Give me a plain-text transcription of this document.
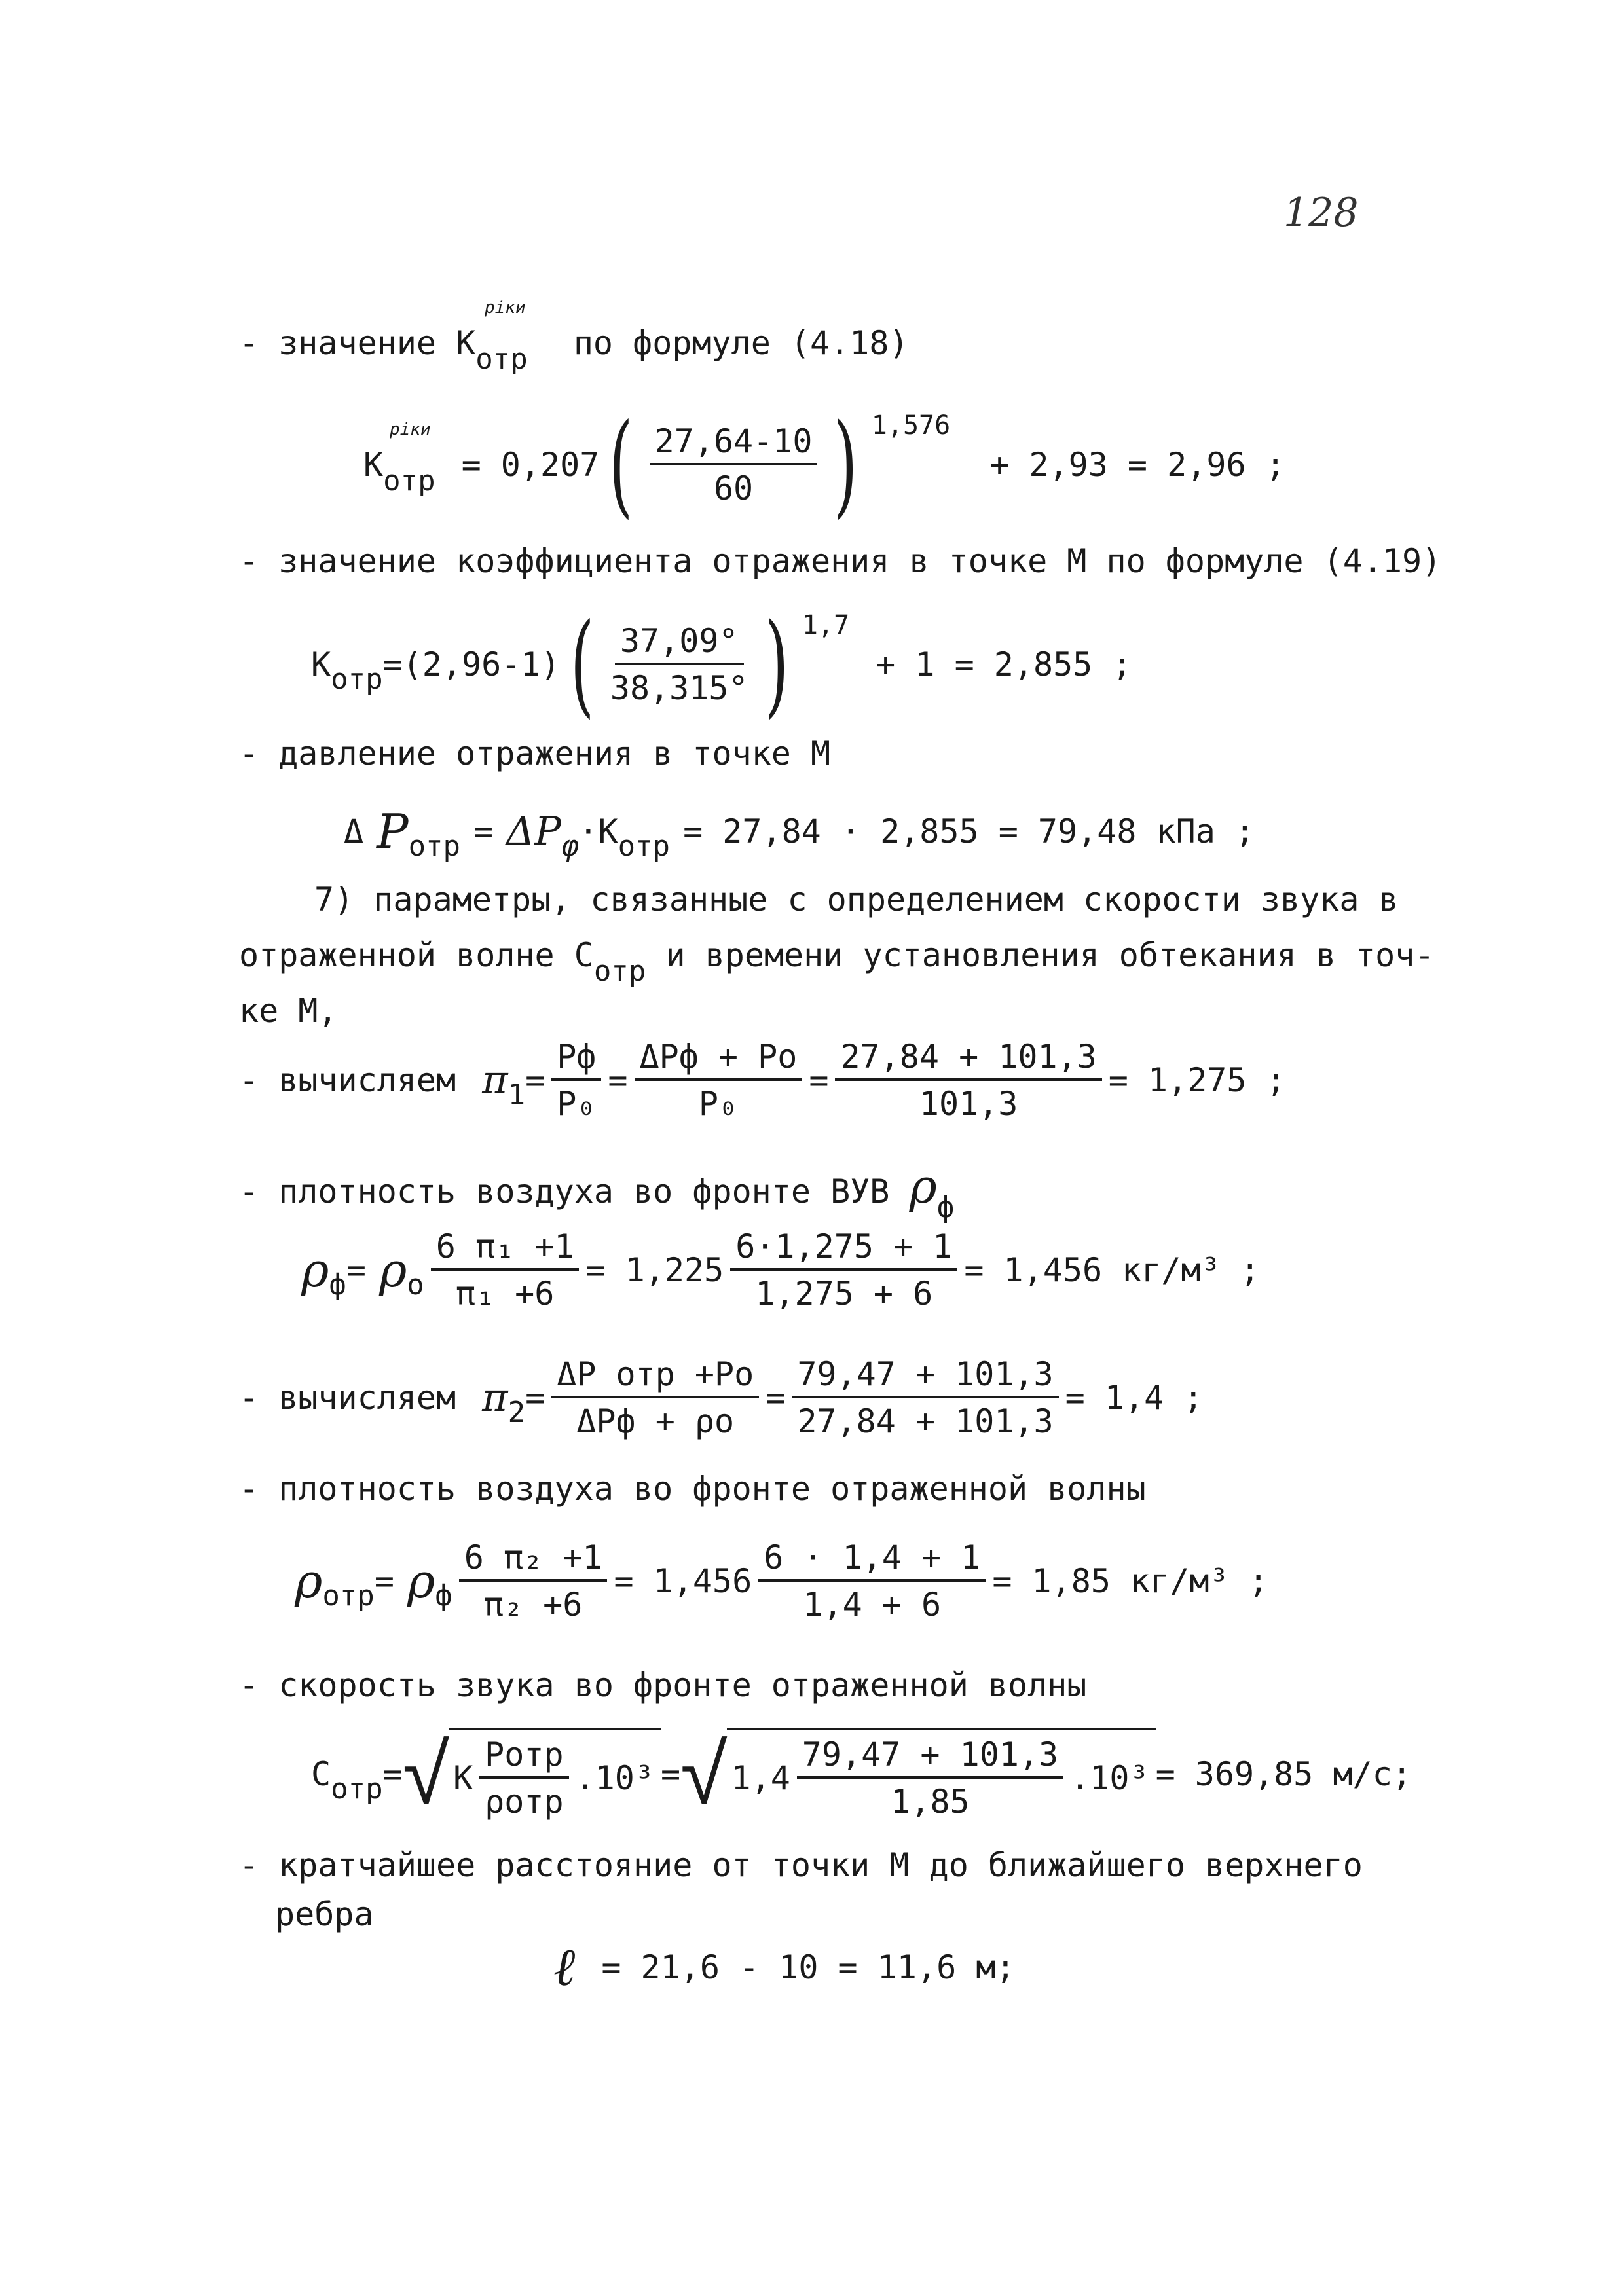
128
- значение Котр
ріки
по формуле (4.18)
Котр
ріки
= 0,207 ( $\frac{27,64-10}{60}$ ) 1,576
+ 2,93 = 2,96 ;
- значение коэффициента отражения в точке М по формуле (4.19)
К отр =(2,96-1) ( $\frac{37,09^\circ}{38,315^\circ}$ ) 1,7
+ 1 = 2,855 ;
- давление отражения в точке М
Δ P отр = ΔP φ ·К отр = 27,84 · 2,855 = 79,48 кПа ;
7) параметры, связанные с определением скорости звука в
отраженной волне Сотр и времени установления обтекания в точ-
ке М,
- вычисляем π $1 = \frac{Рф}{\text{P₀}} = \frac{\text{ΔРф + Ро}}{\text{P₀}} = \frac{27,84 + 101,3}{101,3} = 1,275$ ;
- плотность воздуха во фронте ВУВ ρф
ρ ф = ρ о $\frac{\text{6 π₁ +1}}{\text{π₁ +6}} = 1,225 \frac{6\cdot 1,275 + 1}{1,275 + 6} = 1,456$ кг/м³ ;
- вычисляем π $2 = \frac{\text{ΔP отр +Ро}}{\text{ΔPф + ρо}} = \frac{79,47 + 101,3}{27,84 + 101,3} = 1,4$ ;
- плотность воздуха во фронте отраженной волны
ρ отр = ρ ф $\frac{\text{6 π₂ +1}}{\text{π₂ +6}} = 1,456 \frac{6 \cdot 1,4 + 1}{1,4 + 6} = 1,85$ кг/м³ ;
- скорость звука во фронте отраженной волны
С отр = √ К $\frac{\text{Ротр}}{\text{ρотр}} .10^3$ = √ $1,4 \frac{79,47 + 101,3}{1,85} .10^3 = 369,85$ м/с;
- кратчайшее расстояние от точки М до ближайшего верхнего
ребра
ℓ = 21,6 - 10 = 11,6 м;
